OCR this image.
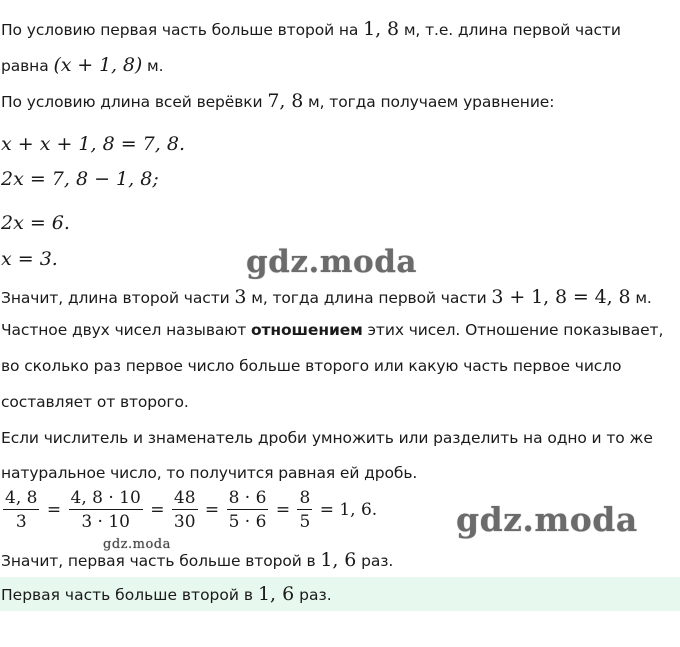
По условию первая часть больше второй на 1, 8 м, т.е. длина первой части
равна (x + 1, 8) м.
По условию длина всей верёвки 7, 8 м, тогда получаем уравнение:
x + x + 1, 8 = 7, 8.
2x = 7, 8 − 1, 8;
2x = 6.
x = 3.	gdz.moda
Значит, длина второй части 3 м, тогда длина первой части 3 + 1, 8 = 4, 8 м.
Частное двух чисел называют отношением этих чисел. Отношение показывает,
во сколько раз первое число больше второго или какую часть первое число
составляет от второго.
Если числитель и знаменатель дроби умножить или разделить на одно и то же
натуральное число, то получится равная ей дробь.
$\frac{4, 8}{3} = \frac{4, 8 \cdot 10}{3 \cdot 10} = \frac{48}{30} = \frac{8 \cdot 6}{5 \cdot 6} = \frac{8}{5} = 1$, 6. gdz.moda
gdz.moda
Значит, первая часть больше второй в 1, 6 раз.
Первая часть больше второй в 1, 6 раз.
